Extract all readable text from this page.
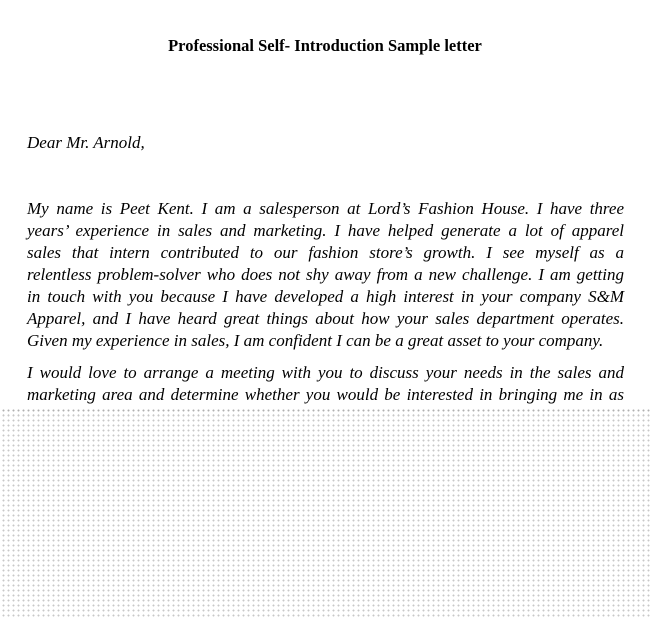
Professional Self- Introduction Sample letter
Dear Mr. Arnold,
My name is Peet Kent. I am a salesperson at Lord’s Fashion House. I have three
years’ experience in sales and marketing. I have helped generate a lot of apparel
sales that intern contributed to our fashion store’s growth. I see myself as a
relentless problem-solver who does not shy away from a new challenge. I am getting
in touch with you because I have developed a high interest in your company S&M
Apparel, and I have heard great things about how your sales department operates.
Given my experience in sales, I am confident I can be a great asset to your company.
I would love to arrange a meeting with you to discuss your needs in the sales and
marketing area and determine whether you would be interested in bringing me in as
